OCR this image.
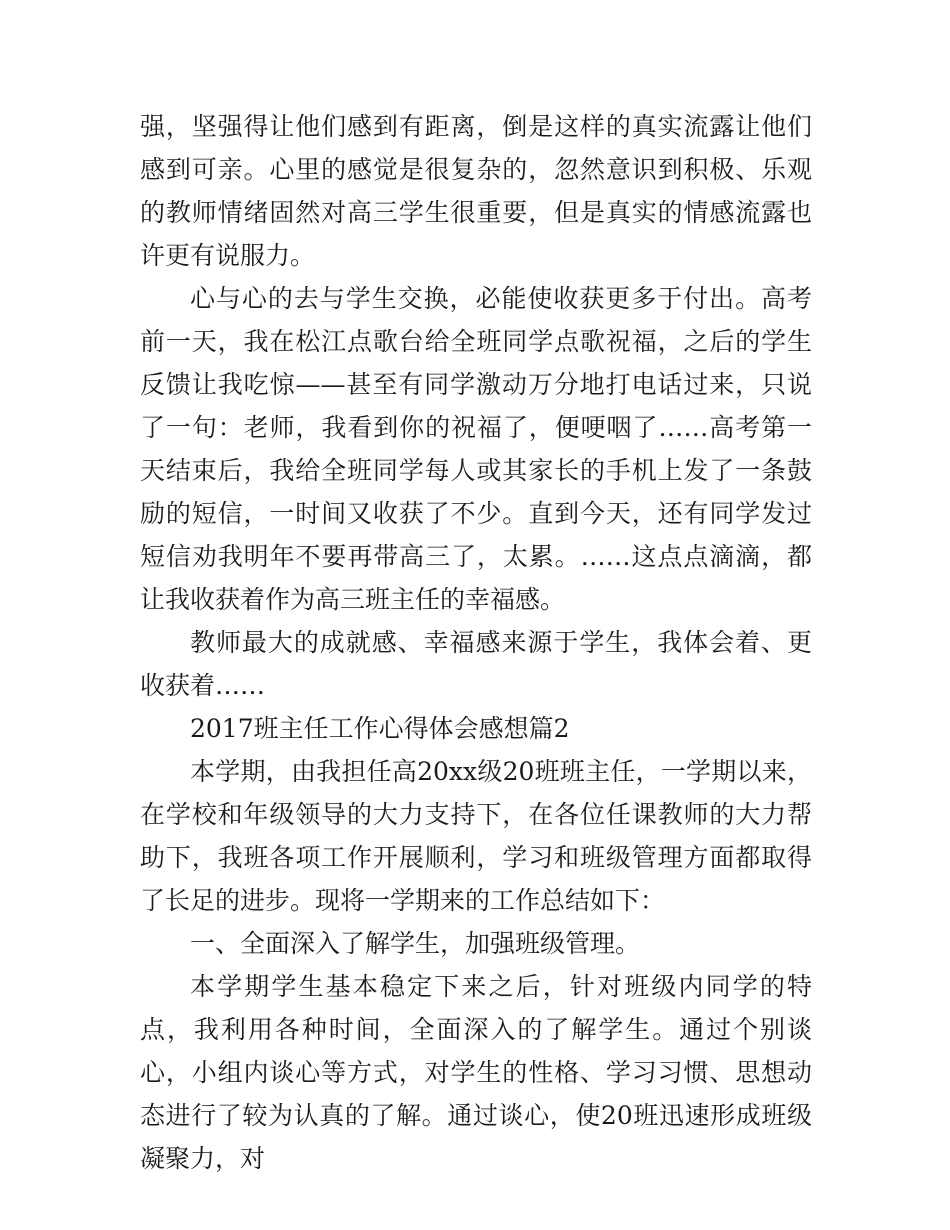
强，坚强得让他们感到有距离，倒是这样的真实流露让他们感到可亲。心里的感觉是很复杂的，忽然意识到积极、乐观的教师情绪固然对高三学生很重要，但是真实的情感流露也许更有说服力。

心与心的去与学生交换，必能使收获更多于付出。高考前一天，我在松江点歌台给全班同学点歌祝福，之后的学生反馈让我吃惊——甚至有同学激动万分地打电话过来，只说了一句：老师，我看到你的祝福了，便哽咽了……高考第一天结束后，我给全班同学每人或其家长的手机上发了一条鼓励的短信，一时间又收获了不少。直到今天，还有同学发过短信劝我明年不要再带高三了，太累。……这点点滴滴，都让我收获着作为高三班主任的幸福感。

教师最大的成就感、幸福感来源于学生，我体会着、更收获着……

2017班主任工作心得体会感想篇2

本学期，由我担任高20xx级20班班主任，一学期以来，在学校和年级领导的大力支持下，在各位任课教师的大力帮助下，我班各项工作开展顺利，学习和班级管理方面都取得了长足的进步。现将一学期来的工作总结如下：

一、全面深入了解学生，加强班级管理。

本学期学生基本稳定下来之后，针对班级内同学的特点，我利用各种时间，全面深入的了解学生。通过个别谈心，小组内谈心等方式，对学生的性格、学习习惯、思想动态进行了较为认真的了解。通过谈心，使20班迅速形成班级凝聚力，对
